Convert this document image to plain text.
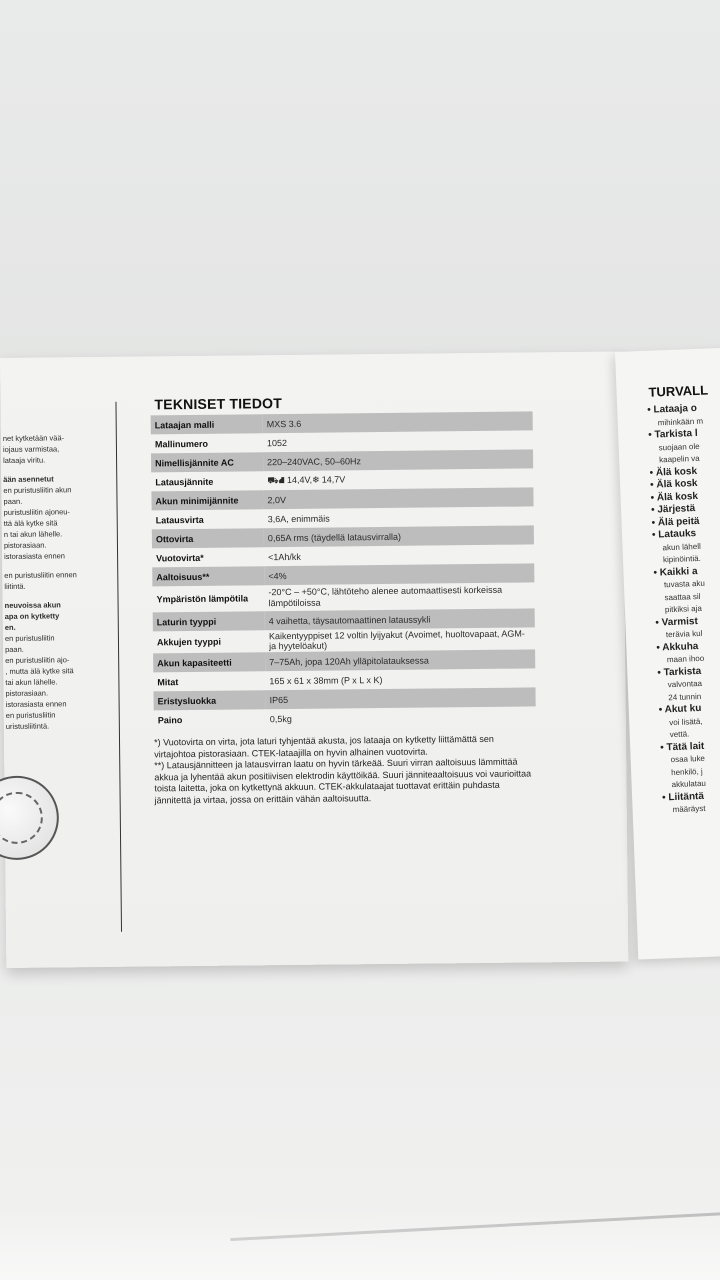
net kytketään vää-

iojaus varmistaa,

lataaja viritu.

ään asennetut

en puristusliitin akun

paan.

puristusliitin ajoneu-

ttä älä kytke sitä

n tai akun lähelle.

pistorasiaan.

istorasiasta ennen

en puristusliitin ennen

liitintä.

neuvoissa akun

apa on kytketty

en.

en puristusliitin

paan.

en puristusliitin ajo-

, mutta älä kytke sitä

tai akun lähelle.

pistorasiaan.

istorasiasta ennen

en puristusliitin

uristusliitintä.

TEKNISET TIEDOT
Lataajan malli	MXS 3.6
Mallinumero	1052
Nimellisjännite AC	220–240VAC, 50–60Hz
Latausjännite	⛟⛘14,4V,❄14,7V
Akun minimijännite	2,0V
Latausvirta	3,6A, enimmäis
Ottovirta	0,65A rms (täydellä latausvirralla)
Vuotovirta*	<1Ah/kk
Aaltoisuus**	<4%
Ympäristön lämpötila	-20°C – +50°C, lähtöteho alenee automaattisesti korkeissa lämpötiloissa
Laturin tyyppi	4 vaihetta, täysautomaattinen lataussykli
Akkujen tyyppi	Kaikentyyppiset 12 voltin lyijyakut (Avoimet, huoltovapaat, AGM- ja hyytelöakut)
Akun kapasiteetti	7–75Ah, jopa 120Ah ylläpitolatauksessa
Mitat	165 x 61 x 38mm (P x L x K)
Eristysluokka	IP65
Paino	0,5kg

*) Vuotovirta on virta, jota laturi tyhjentää akusta, jos lataaja on kytketty liittämättä sen virtajohtoa pistorasiaan. CTEK-lataajilla on hyvin alhainen vuotovirta.

**) Latausjännitteen ja latausvirran laatu on hyvin tärkeää. Suuri virran aaltoisuus lämmittää akkua ja lyhentää akun positiivisen elektrodin käyttöikää. Suuri jänniteaaltoisuus voi vaurioittaa toista laitetta, joka on kytkettynä akkuun. CTEK-akkulataajat tuottavat erittäin puhdasta jännitettä ja virtaa, jossa on erittäin vähän aaltoisuutta.

TURVALL
• Lataaja o
mihinkään m
• Tarkista l
suojaan ole
kaapelin va
• Älä kosk
• Älä kosk
• Älä kosk
• Järjestä
• Älä peitä
• Latauks
akun lähell
kipinöintiä.
• Kaikki a
tuvasta aku
saattaa sil
pitkiksi aja
• Varmist
terävia kul
• Akkuha
maan ihoo
• Tarkista
valvontaa
24 tunnin
• Akut ku
voi lisätä,
vettä.
• Tätä lait
osaa luke
henkilö, j
akkulatau
• Liitäntä
määräyst
